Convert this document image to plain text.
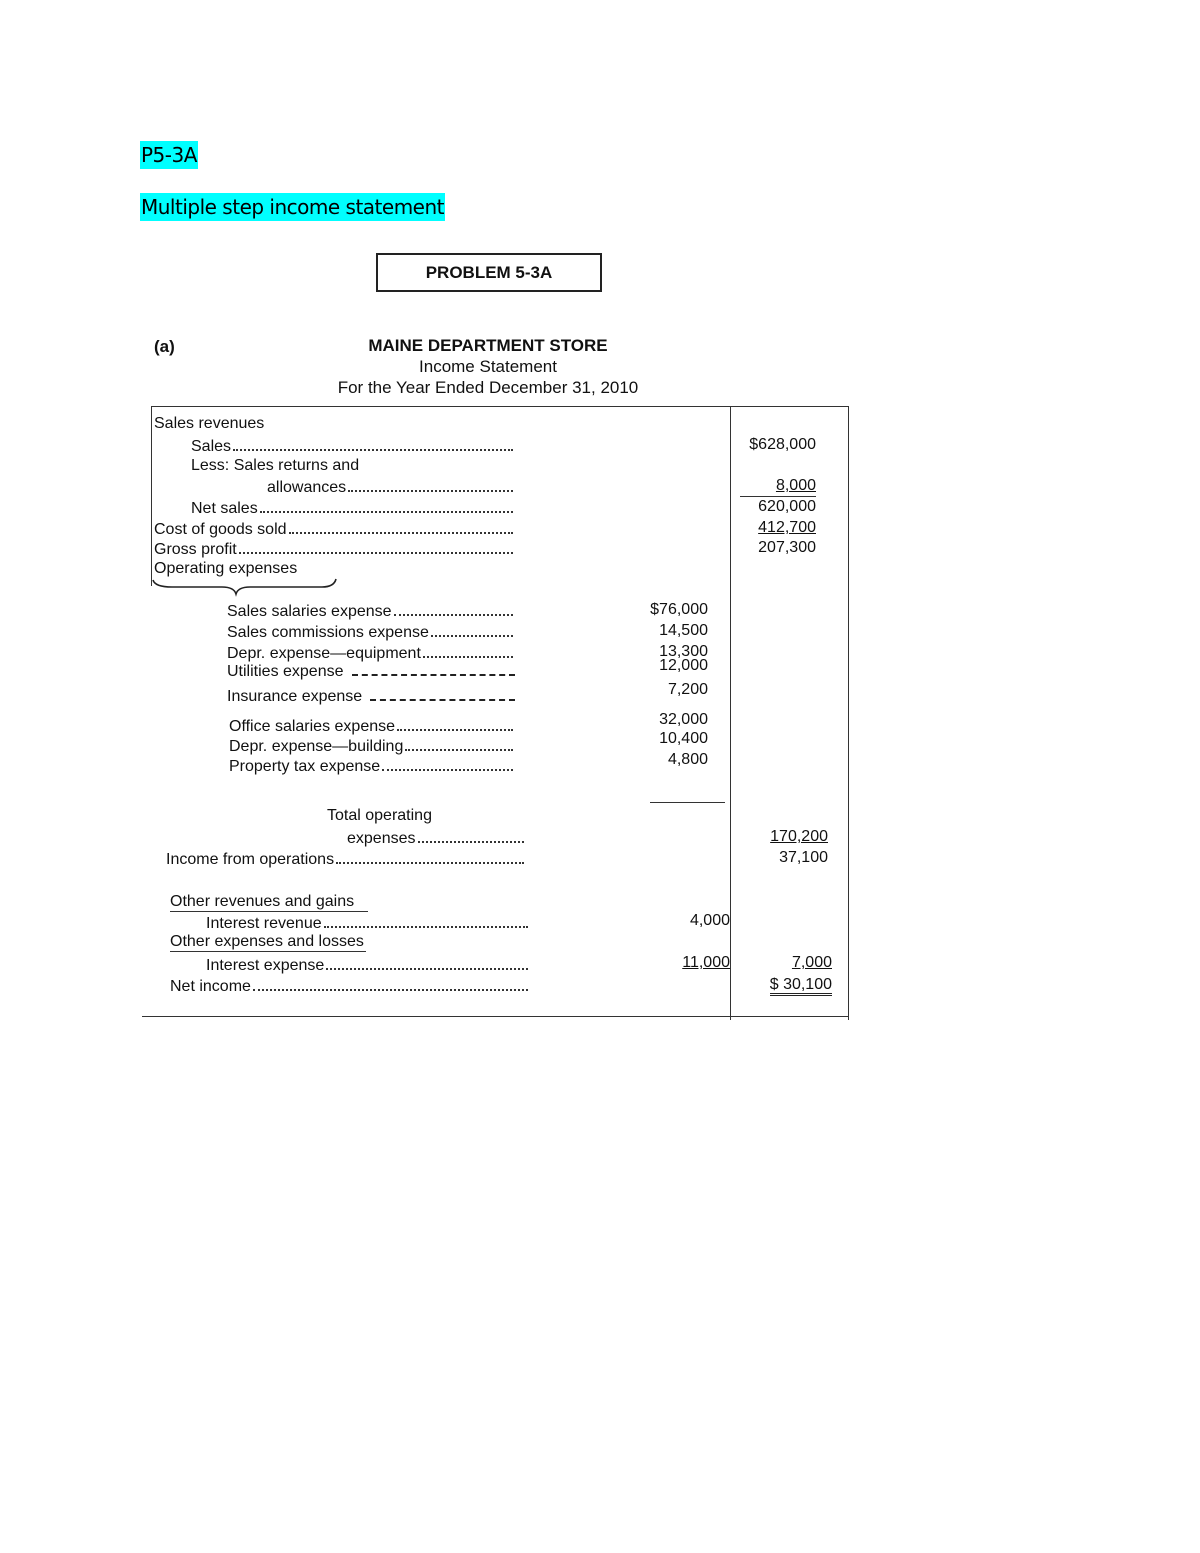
P5-3A
Multiple step income statement
PROBLEM 5-3A
(a)	MAINE DEPARTMENT STORE
Income Statement
For the Year Ended December 31, 2010
Sales revenues
Sales	$628,000
Less: Sales returns and
allowances	8,000
Net sales	620,000
Cost of goods sold	412,700
Gross profit	207,300
Operating expenses
Sales salaries expense	$76,000
Sales commissions expense	14,500
Depr. expense—equipment	13,300
Utilities expense	12,000
Insurance expense	7,200
Office salaries expense	32,000
Depr. expense—building	10,400
Property tax expense	4,800
Total operating
expenses	170,200
Income from operations	37,100
Other revenues and gains
Interest revenue	4,000
Other expenses and losses
Interest expense	11,000	7,000
Net income	$ 30,100
